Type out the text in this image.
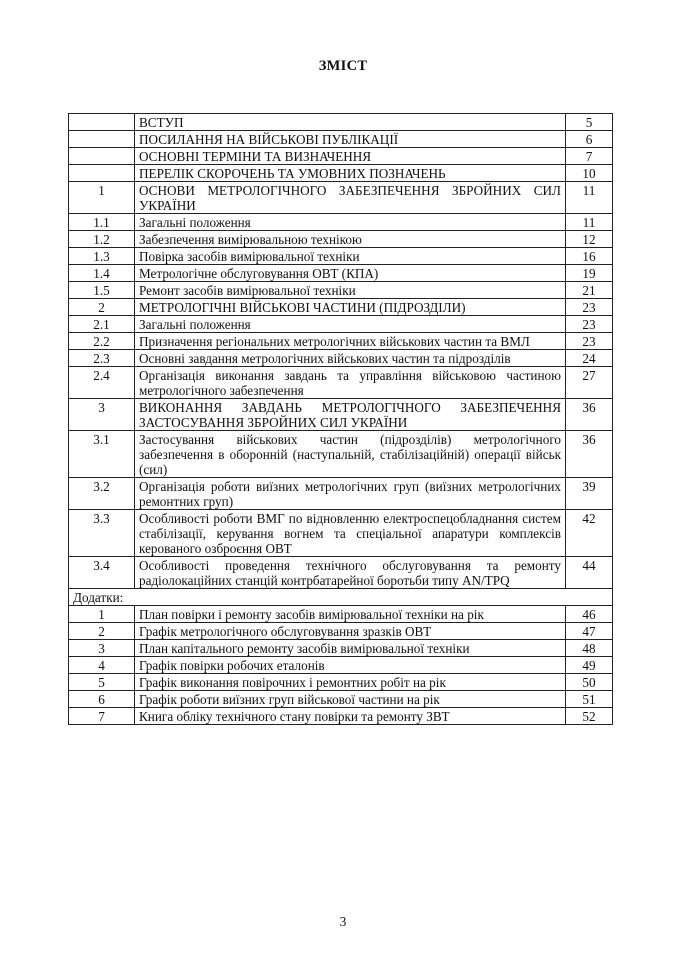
ЗМІСТ
	ВСТУП	5
	ПОСИЛАННЯ НА ВІЙСЬКОВІ ПУБЛІКАЦІЇ	6
	ОСНОВНІ ТЕРМІНИ ТА ВИЗНАЧЕННЯ	7
	ПЕРЕЛІК СКОРОЧЕНЬ ТА УМОВНИХ ПОЗНАЧЕНЬ	10
1	ОСНОВИ МЕТРОЛОГІЧНОГО ЗАБЕЗПЕЧЕННЯ ЗБРОЙНИХ СИЛ УКРАЇНИ	11
1.1	Загальні положення	11
1.2	Забезпечення вимірювальною технікою	12
1.3	Повірка засобів вимірювальної техніки	16
1.4	Метрологічне обслуговування ОВТ (КПА)	19
1.5	Ремонт засобів вимірювальної техніки	21
2	МЕТРОЛОГІЧНІ ВІЙСЬКОВІ ЧАСТИНИ (ПІДРОЗДІЛИ)	23
2.1	Загальні положення	23
2.2	Призначення регіональних метрологічних військових частин та ВМЛ	23
2.3	Основні завдання метрологічних військових частин та підрозділів	24
2.4	Організація виконання завдань та управління військовою частиною метрологічного забезпечення	27
3	ВИКОНАННЯ ЗАВДАНЬ МЕТРОЛОГІЧНОГО ЗАБЕЗПЕЧЕННЯ ЗАСТОСУВАННЯ ЗБРОЙНИХ СИЛ УКРАЇНИ	36
3.1	Застосування військових частин (підрозділів) метрологічного забезпечення в оборонній (наступальній, стабілізаційній) операції військ (сил)	36
3.2	Організація роботи виїзних метрологічних груп (виїзних метрологічних ремонтних груп)	39
3.3	Особливості роботи ВМГ по відновленню електроспецобладнання систем стабілізації, керування вогнем та спеціальної апаратури комплексів керованого озброєння ОВТ	42
3.4	Особливості проведення технічного обслуговування та ремонту радіолокаційних станцій контрбатарейної боротьби типу AN/TPQ	44
Додатки:		
1	План повірки і ремонту засобів вимірювальної техніки на рік	46
2	Графік метрологічного обслуговування зразків ОВТ	47
3	План капітального ремонту засобів вимірювальної техніки	48
4	Графік повірки робочих еталонів	49
5	Графік виконання повірочних і ремонтних робіт на рік	50
6	Графік роботи виїзних груп військової частини на рік	51
7	Книга обліку технічного стану повірки та ремонту ЗВТ	52
3
